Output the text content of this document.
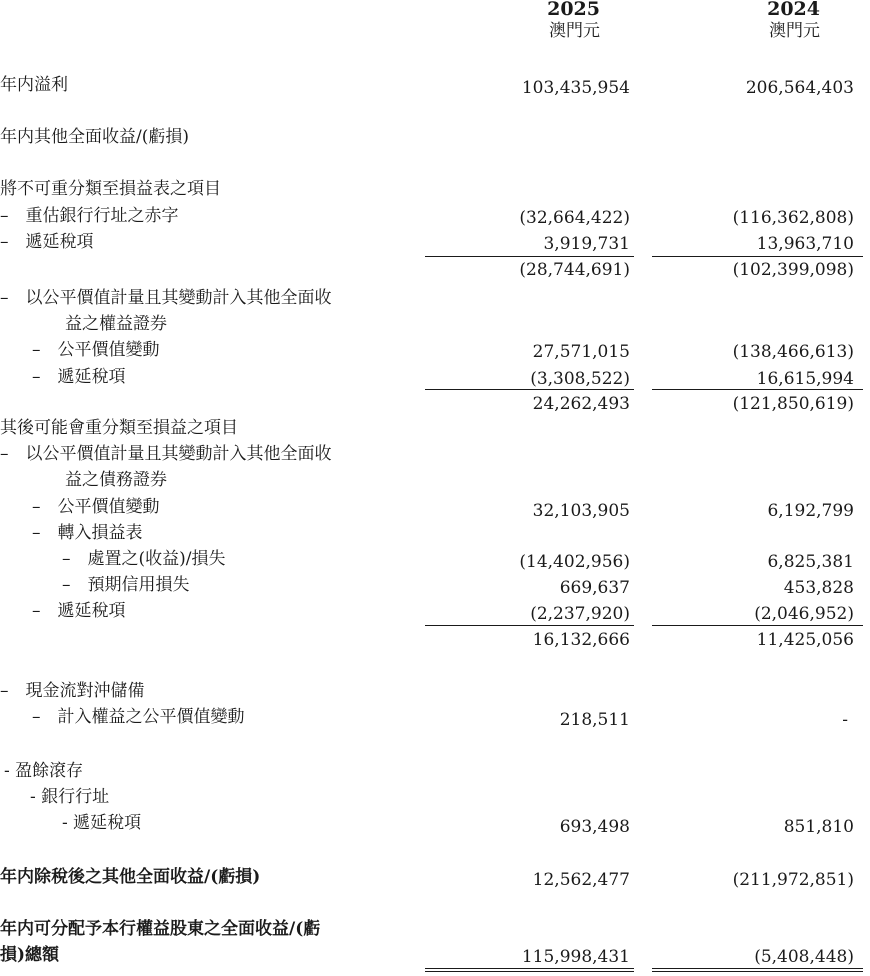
2025
澳門元
2024
澳門元
年内溢利	103,435,954	206,564,403
年内其他全面收益/(虧損)
將不可重分類至損益表之項目
–　重估銀行行址之赤字	(32,664,422)	(116,362,808)
–　遞延稅項	3,919,731	13,963,710
(28,744,691)	(102,399,098)
–　以公平價值計量且其變動計入其他全面收
益之權益證券
–　公平價值變動	27,571,015	(138,466,613)
–　遞延稅項	(3,308,522)	16,615,994
24,262,493	(121,850,619)
其後可能會重分類至損益之項目
–　以公平價值計量且其變動計入其他全面收
益之債務證券
–　公平價值變動	32,103,905	6,192,799
–　轉入損益表
–　處置之(收益)/損失	(14,402,956)	6,825,381
–　預期信用損失	669,637	453,828
–　遞延稅項	(2,237,920)	(2,046,952)
16,132,666	11,425,056
–　現金流對沖儲備
–　計入權益之公平價值變動	218,511	-
- 盈餘滾存
- 銀行行址
- 遞延稅項	693,498	851,810
年内除稅後之其他全面收益/(虧損)	12,562,477	(211,972,851)
年内可分配予本行權益股東之全面收益/(虧
損)總額	115,998,431	(5,408,448)
